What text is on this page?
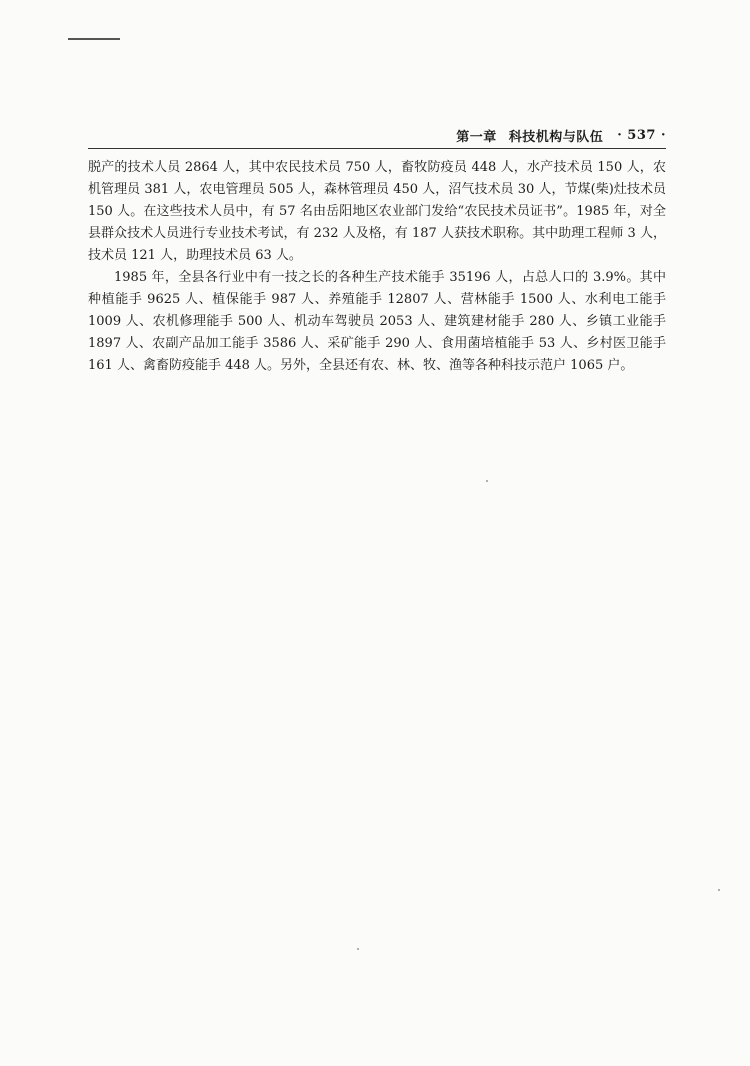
第一章 科技机构与队伍 · 537 ·

脱产的技术人员 2864 人，其中农民技术员 750 人，畜牧防疫员 448 人，水产技术员 150 人，农机管理员 381 人，农电管理员 505 人，森林管理员 450 人，沼气技术员 30 人，节煤(柴)灶技术员 150 人。在这些技术人员中，有 57 名由岳阳地区农业部门发给“农民技术员证书”。1985 年，对全县群众技术人员进行专业技术考试，有 232 人及格，有 187 人获技术职称。其中助理工程师 3 人，技术员 121 人，助理技术员 63 人。

1985 年，全县各行业中有一技之长的各种生产技术能手 35196 人，占总人口的 3.9%。其中种植能手 9625 人、植保能手 987 人、养殖能手 12807 人、营林能手 1500 人、水利电工能手 1009 人、农机修理能手 500 人、机动车驾驶员 2053 人、建筑建材能手 280 人、乡镇工业能手 1897 人、农副产品加工能手 3586 人、采矿能手 290 人、食用菌培植能手 53 人、乡村医卫能手 161 人、禽畜防疫能手 448 人。另外，全县还有农、林、牧、渔等各种科技示范户 1065 户。
